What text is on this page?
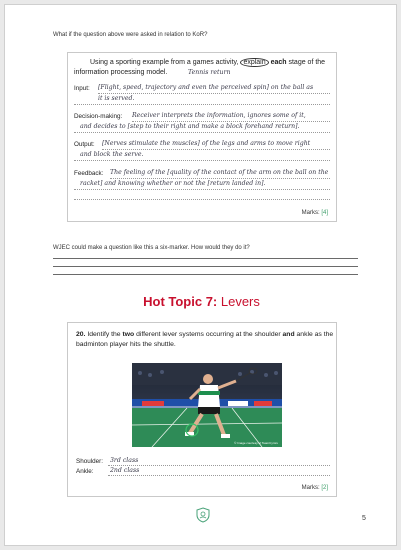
What if the question above were asked in relation to KoR?
Using a sporting example from a games activity, explain each stage of the
information processing model.	Tennis return
Input: [Flight, speed, trajectory and even the perceived spin] on the ball as
it is served.
Decision-making: Receiver interprets the information, ignores some of it,
and decides to [step to their right and make a block forehand return].
Output: [Nerves stimulate the muscles] of the legs and arms to move right
and block the serve.
Feedback: The feeling of the [quality of the contact of the arm on the ball on the
racket] and knowing whether or not the [return landed in].
Marks: [4]
WJEC could make a question like this a six-marker. How would they do it?
Hot Topic 7: Levers
20. Identify the two different lever systems occurring at the shoulder and ankle as the badminton player hits the shuttle.
© Image courtesy of TeamCymru
Shoulder: 3rd class
Ankle:	2nd class
Marks: [2]
5
